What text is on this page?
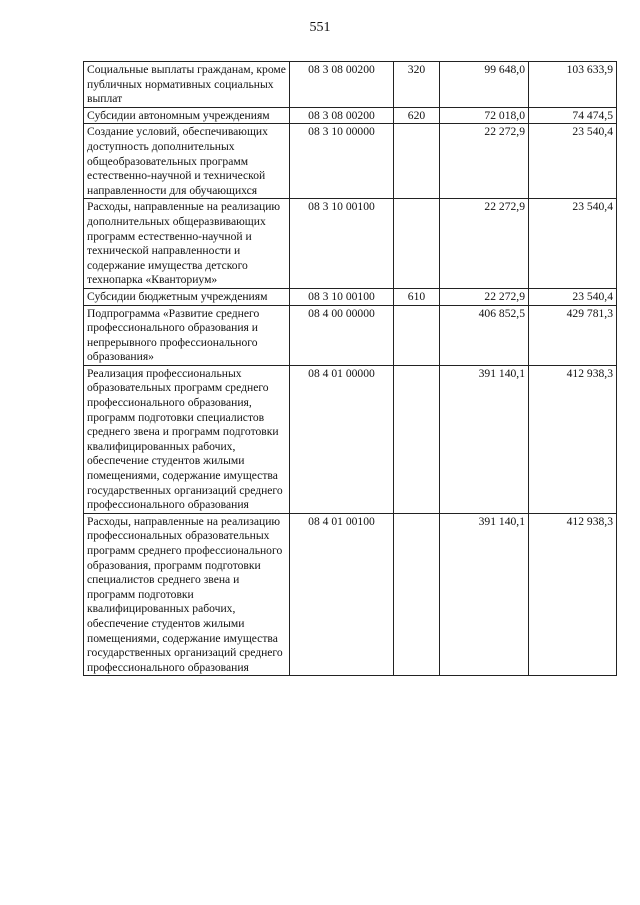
551
Социальные выплаты гражданам, кроме публичных нормативных социальных выплат	08 3 08 00200	320	99 648,0	103 633,9
Субсидии автономным учреждениям	08 3 08 00200	620	72 018,0	74 474,5
Создание условий, обеспечивающих доступность дополнительных общеобразовательных программ естественно-научной и технической направленности для обучающихся	08 3 10 00000		22 272,9	23 540,4
Расходы, направленные на реализацию дополнительных общеразвивающих программ естественно-научной и технической направленности и содержание имущества детского технопарка «Кванториум»	08 3 10 00100		22 272,9	23 540,4
Субсидии бюджетным учреждениям	08 3 10 00100	610	22 272,9	23 540,4
Подпрограмма «Развитие среднего профессионального образования и непрерывного профессионального образования»	08 4 00 00000		406 852,5	429 781,3
Реализация профессиональных образовательных программ среднего профессионального образования, программ подготовки специалистов среднего звена и программ подготовки квалифицированных рабочих, обеспечение студентов жилыми помещениями, содержание имущества государственных организаций среднего профессионального образования	08 4 01 00000		391 140,1	412 938,3
Расходы, направленные на реализацию профессиональных образовательных программ среднего профессионального образования, программ подготовки специалистов среднего звена и программ подготовки квалифицированных рабочих, обеспечение студентов жилыми помещениями, содержание имущества государственных организаций среднего профессионального образования	08 4 01 00100		391 140,1	412 938,3
